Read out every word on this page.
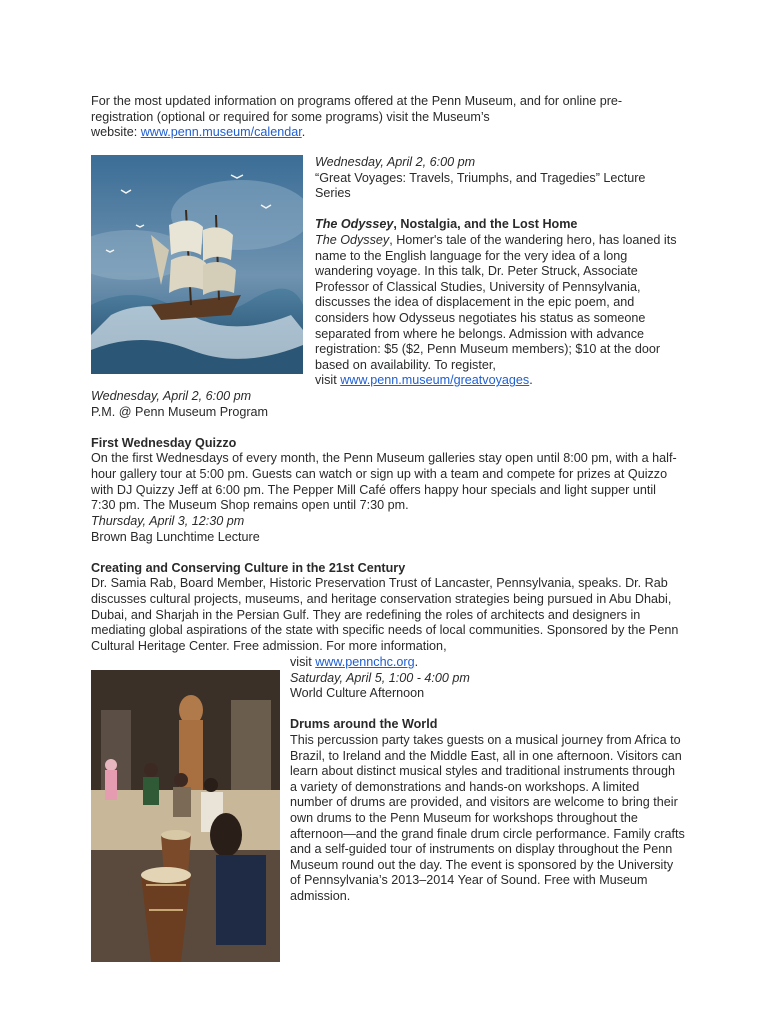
For the most updated information on programs offered at the Penn Museum, and for online pre-

registration (optional or required for some programs) visit the Museum’s

website: www.penn.museum/calendar.

Wednesday, April 2, 6:00 pm

“Great Voyages: Travels, Triumphs, and Tragedies” Lecture Series

The Odyssey, Nostalgia, and the Lost Home

The Odyssey, Homer's tale of the wandering hero, has loaned its name to the English language for the very idea of a long wandering voyage. In this talk, Dr. Peter Struck, Associate Professor of Classical Studies, University of Pennsylvania, discusses the idea of displacement in the epic poem, and considers how Odysseus negotiates his status as someone separated from where he belongs. Admission with advance registration: $5 ($2, Penn Museum members); $10 at the door based on availability. To register,

visit www.penn.museum/greatvoyages.

Wednesday, April 2, 6:00 pm

P.M. @ Penn Museum Program

First Wednesday Quizzo

On the first Wednesdays of every month, the Penn Museum galleries stay open until 8:00 pm, with a half-hour gallery tour at 5:00 pm. Guests can watch or sign up with a team and compete for prizes at Quizzo with DJ Quizzy Jeff at 6:00 pm. The Pepper Mill Café offers happy hour specials and light supper until 7:30 pm. The Museum Shop remains open until 7:30 pm.

Thursday, April 3, 12:30 pm

Brown Bag Lunchtime Lecture

Creating and Conserving Culture in the 21st Century

Dr. Samia Rab, Board Member, Historic Preservation Trust of Lancaster, Pennsylvania, speaks. Dr. Rab discusses cultural projects, museums, and heritage conservation strategies being pursued in Abu Dhabi, Dubai, and Sharjah in the Persian Gulf. They are redefining the roles of architects and designers in mediating global aspirations of the state with specific needs of local communities. Sponsored by the Penn Cultural Heritage Center. Free admission. For more information,

visit www.pennchc.org.

Saturday, April 5, 1:00 - 4:00 pm

World Culture Afternoon

Drums around the World

This percussion party takes guests on a musical journey from Africa to Brazil, to Ireland and the Middle East, all in one afternoon. Visitors can learn about distinct musical styles and traditional instruments through a variety of demonstrations and hands-on workshops. A limited number of drums are provided, and visitors are welcome to bring their own drums to the Penn Museum for workshops throughout the afternoon—and the grand finale drum circle performance. Family crafts and a self-guided tour of instruments on display throughout the Penn Museum round out the day. The event is sponsored by the University of Pennsylvania’s 2013–2014 Year of Sound. Free with Museum admission.
